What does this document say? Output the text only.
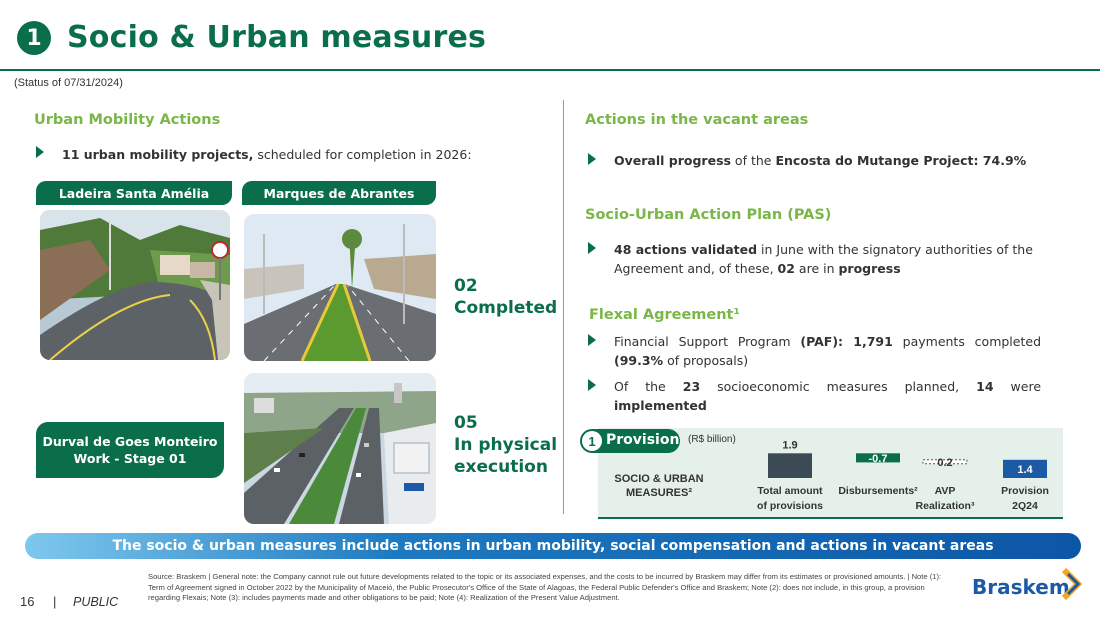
1 Socio & Urban measures
(Status of 07/31/2024)
Urban Mobility Actions
11 urban mobility projects, scheduled for completion in 2026:
Ladeira Santa Amélia	Marques de Abrantes
Durval de Goes Monteiro Work - Stage 01
02
Completed
05
In physical
execution
Actions in the vacant areas
Overall progress of the Encosta do Mutange Project: 74.9%
Socio-Urban Action Plan (PAS)
48 actions validated in June with the signatory authorities of the Agreement and, of these, 02 are in progress
Flexal Agreement¹
Financial Support Program (PAF): 1,791 payments completed (99.3% of proposals)
Of the 23 socioeconomic measures planned, 14 were implemented
1 Provision (R$ billion)
SOCIO & URBAN
MEASURES²
1.9
Total amount
of provisions
-0.7
Disbursements²
0.2
AVP
Realization³
1.4
Provision
2Q24
The socio & urban measures include actions in urban mobility, social compensation and actions in vacant areas
Source: Braskem | General note: the Company cannot rule out future developments related to the topic or its associated expenses, and the costs to be incurred by Braskem may differ from its estimates or provisioned amounts. | Note (1): Term of Agreement signed in October 2022 by the Municipality of Maceió, the Public Prosecutor's Office of the State of Alagoas, the Federal Public Defender's Office and Braskem; Note (2): does not include, in this group, a provision regarding Flexais; Note (3): includes payments made and other obligations to be paid; Note (4): Realization of the Present Value Adjustment.
16 | PUBLIC
Braskem
